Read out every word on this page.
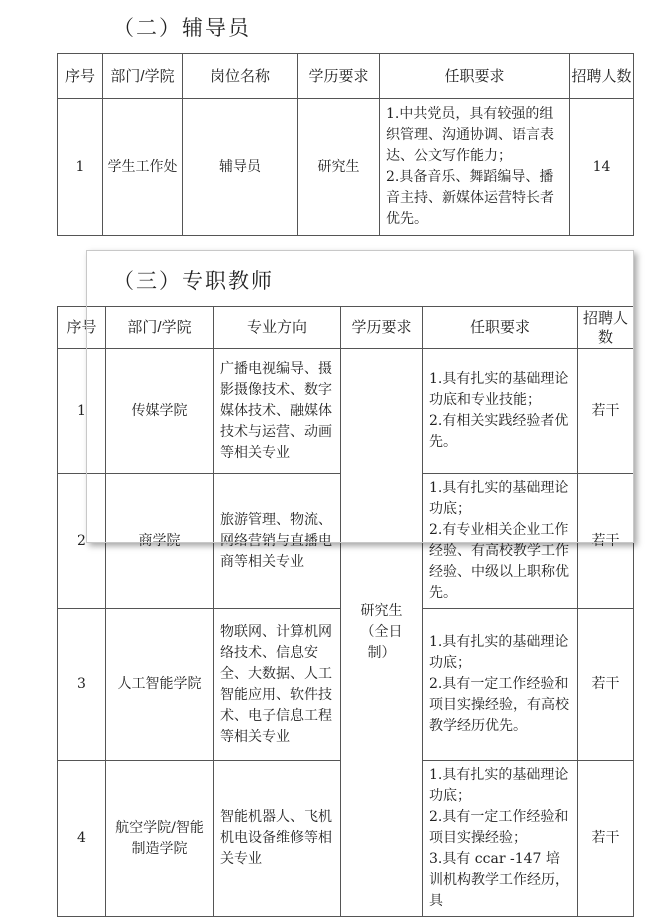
（二）辅导员
序号	部门/学院	岗位名称	学历要求	任职要求	招聘人数
1	学生工作处	辅导员	研究生	1.中共党员，具有较强的组织管理、沟通协调、语言表达、公文写作能力；
2.具备音乐、舞蹈编导、播音主持、新媒体运营特长者优先。	14
（三）专职教师
序号	部门/学院	专业方向	学历要求	任职要求	招聘人数
1	传媒学院	广播电视编导、摄影摄像技术、数字媒体技术、融媒体技术与运营、动画等相关专业	研究生（全日制）	1.具有扎实的基础理论功底和专业技能；
2.有相关实践经验者优先。	若干
2	商学院	旅游管理、物流、网络营销与直播电商等相关专业		1.具有扎实的基础理论功底；
2.有专业相关企业工作经验、有高校教学工作经验、中级以上职称优先。	若干
3	人工智能学院	物联网、计算机网络技术、信息安全、大数据、人工智能应用、软件技术、电子信息工程等相关专业		1.具有扎实的基础理论功底；
2.具有一定工作经验和项目实操经验，有高校教学经历优先。	若干
4	航空学院/智能制造学院	智能机器人、飞机机电设备维修等相关专业		1.具有扎实的基础理论功底；
2.具有一定工作经验和项目实操经验；
3.具有 ccar -147 培训机构教学工作经历，具	若干
